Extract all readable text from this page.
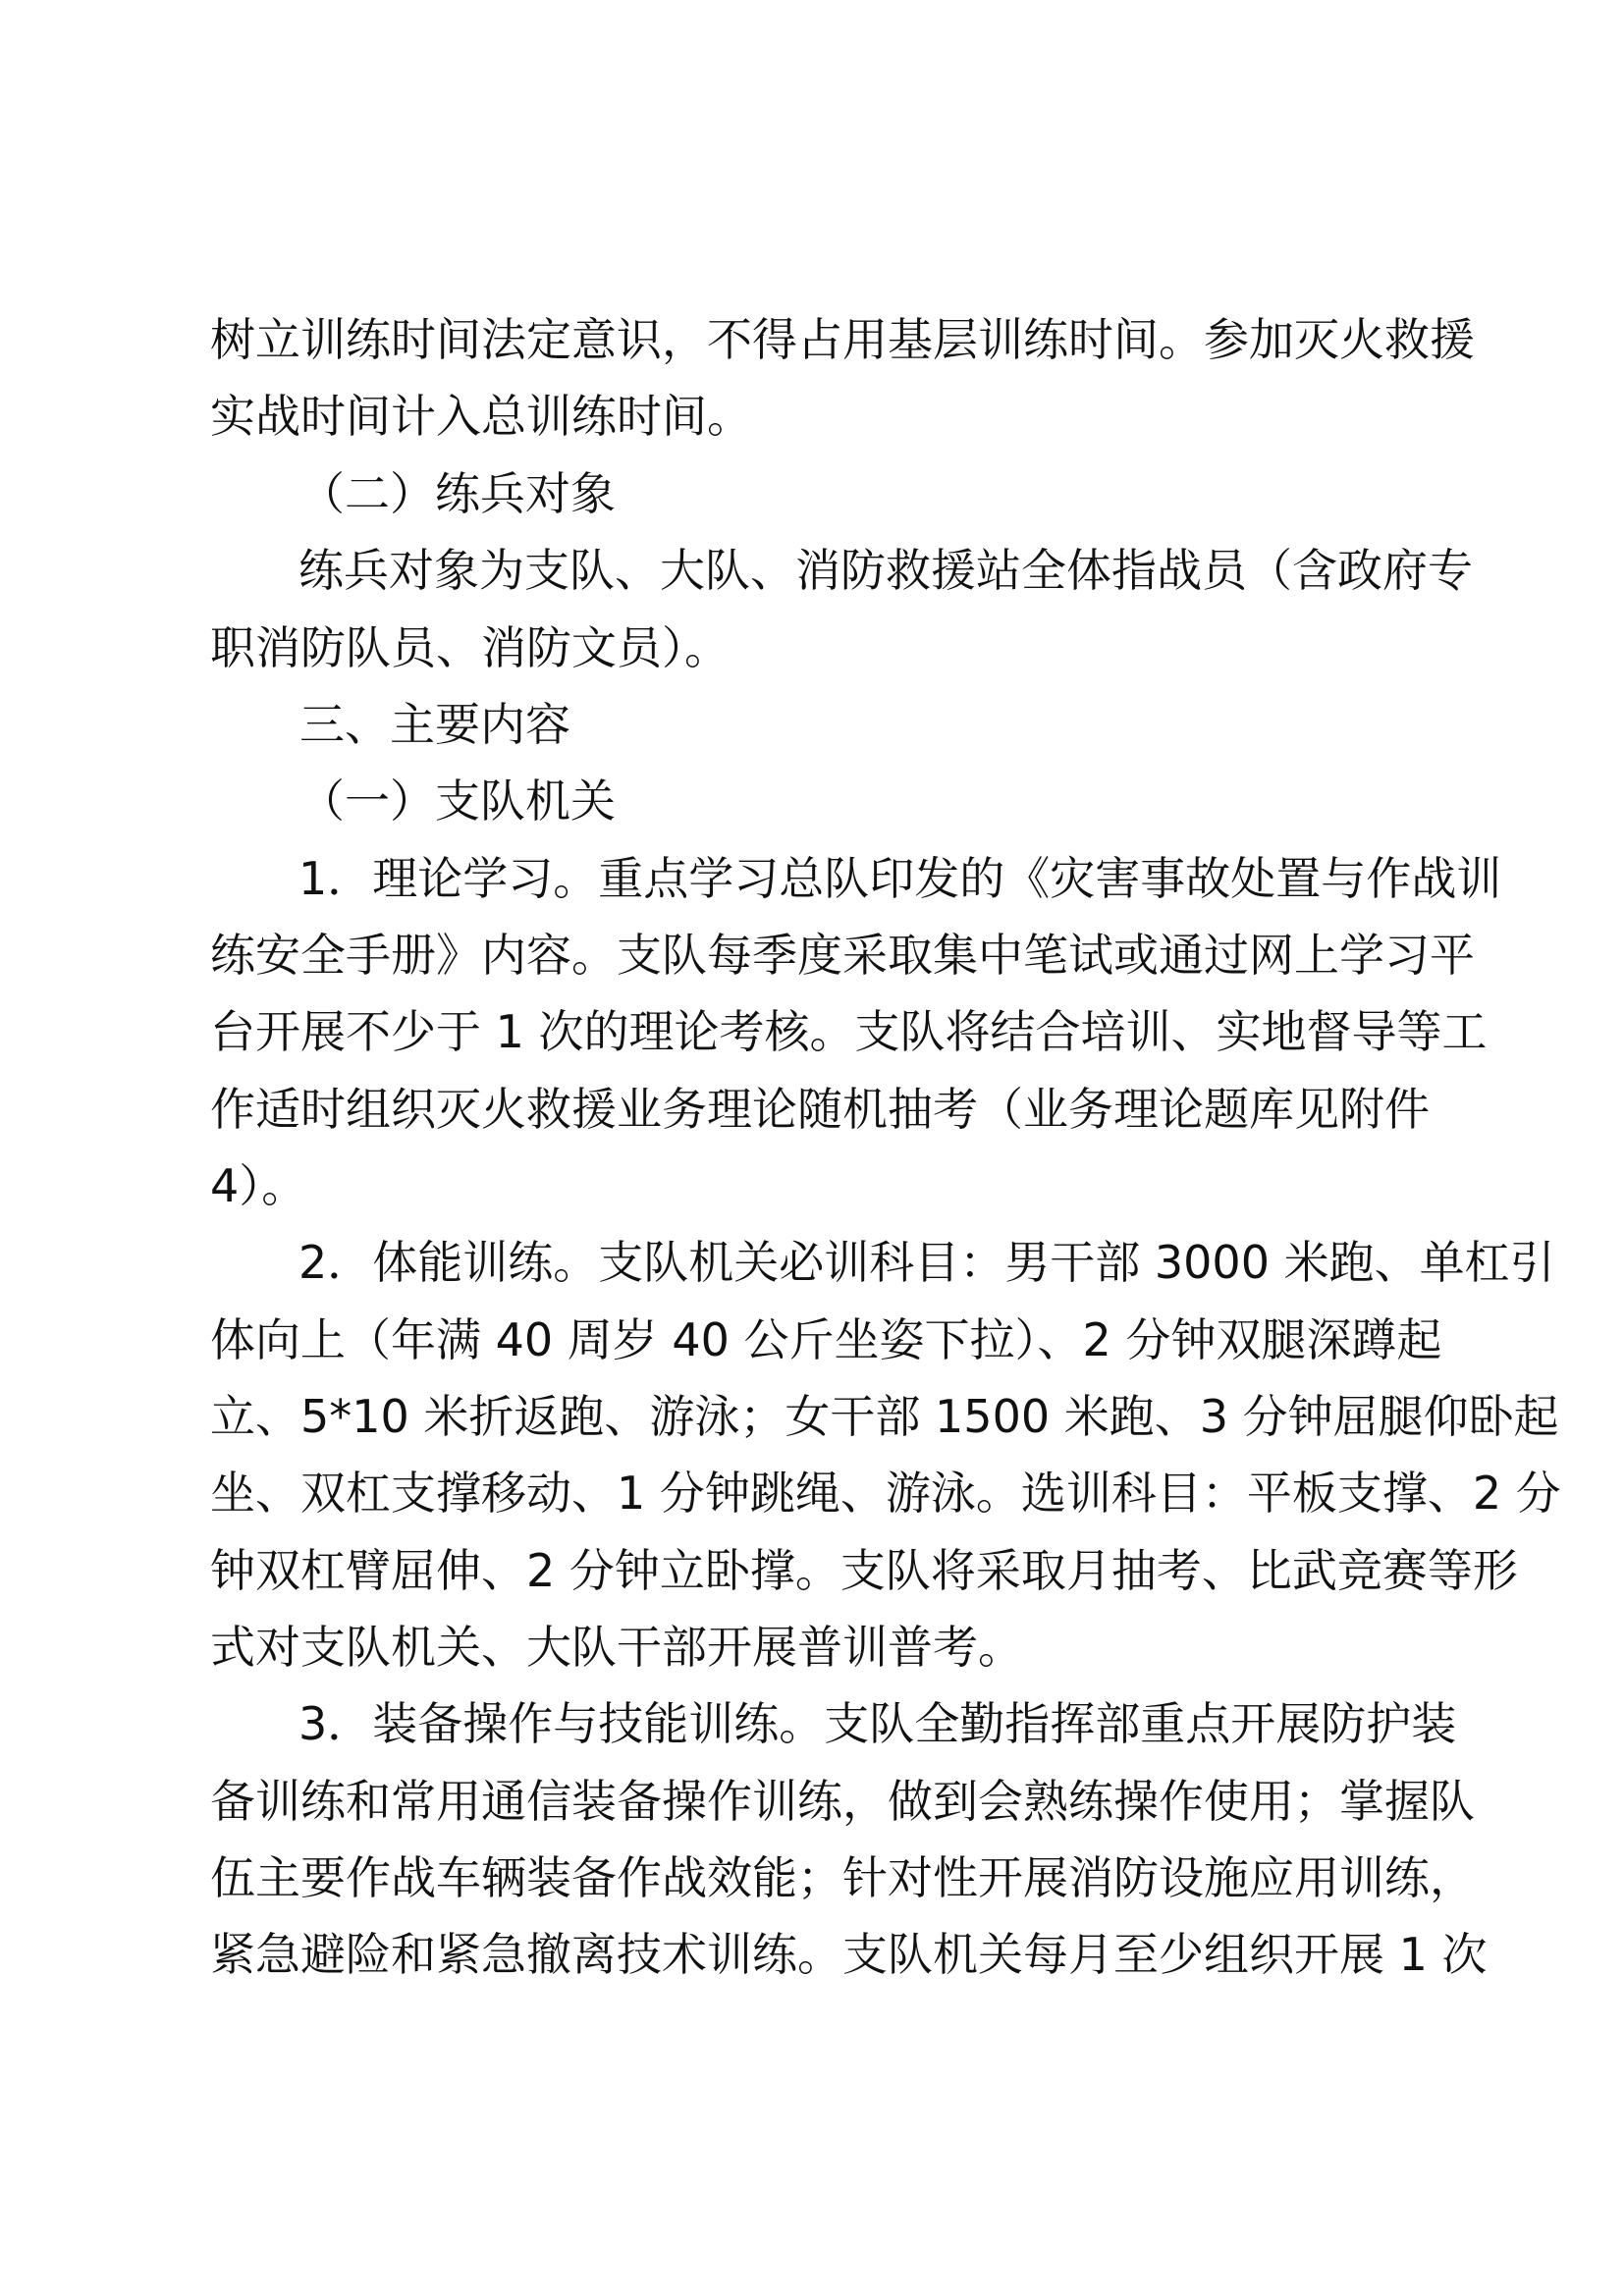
树立训练时间法定意识，不得占用基层训练时间。参加灭火救援
实战时间计入总训练时间。
（二）练兵对象
练兵对象为支队、大队、消防救援站全体指战员（含政府专
职消防队员、消防文员）。
三、主要内容
（一）支队机关
1．理论学习。重点学习总队印发的《灾害事故处置与作战训
练安全手册》内容。支队每季度采取集中笔试或通过网上学习平
台开展不少于 1 次的理论考核。支队将结合培训、实地督导等工
作适时组织灭火救援业务理论随机抽考（业务理论题库见附件
4）。
2．体能训练。支队机关必训科目：男干部 3000 米跑、单杠引
体向上（年满 40 周岁 40 公斤坐姿下拉）、2 分钟双腿深蹲起
立、5*10 米折返跑、游泳；女干部 1500 米跑、3 分钟屈腿仰卧起
坐、双杠支撑移动、1 分钟跳绳、游泳。选训科目：平板支撑、2 分
钟双杠臂屈伸、2 分钟立卧撑。支队将采取月抽考、比武竞赛等形
式对支队机关、大队干部开展普训普考。
3．装备操作与技能训练。支队全勤指挥部重点开展防护装
备训练和常用通信装备操作训练，做到会熟练操作使用；掌握队
伍主要作战车辆装备作战效能；针对性开展消防设施应用训练，
紧急避险和紧急撤离技术训练。支队机关每月至少组织开展 1 次
